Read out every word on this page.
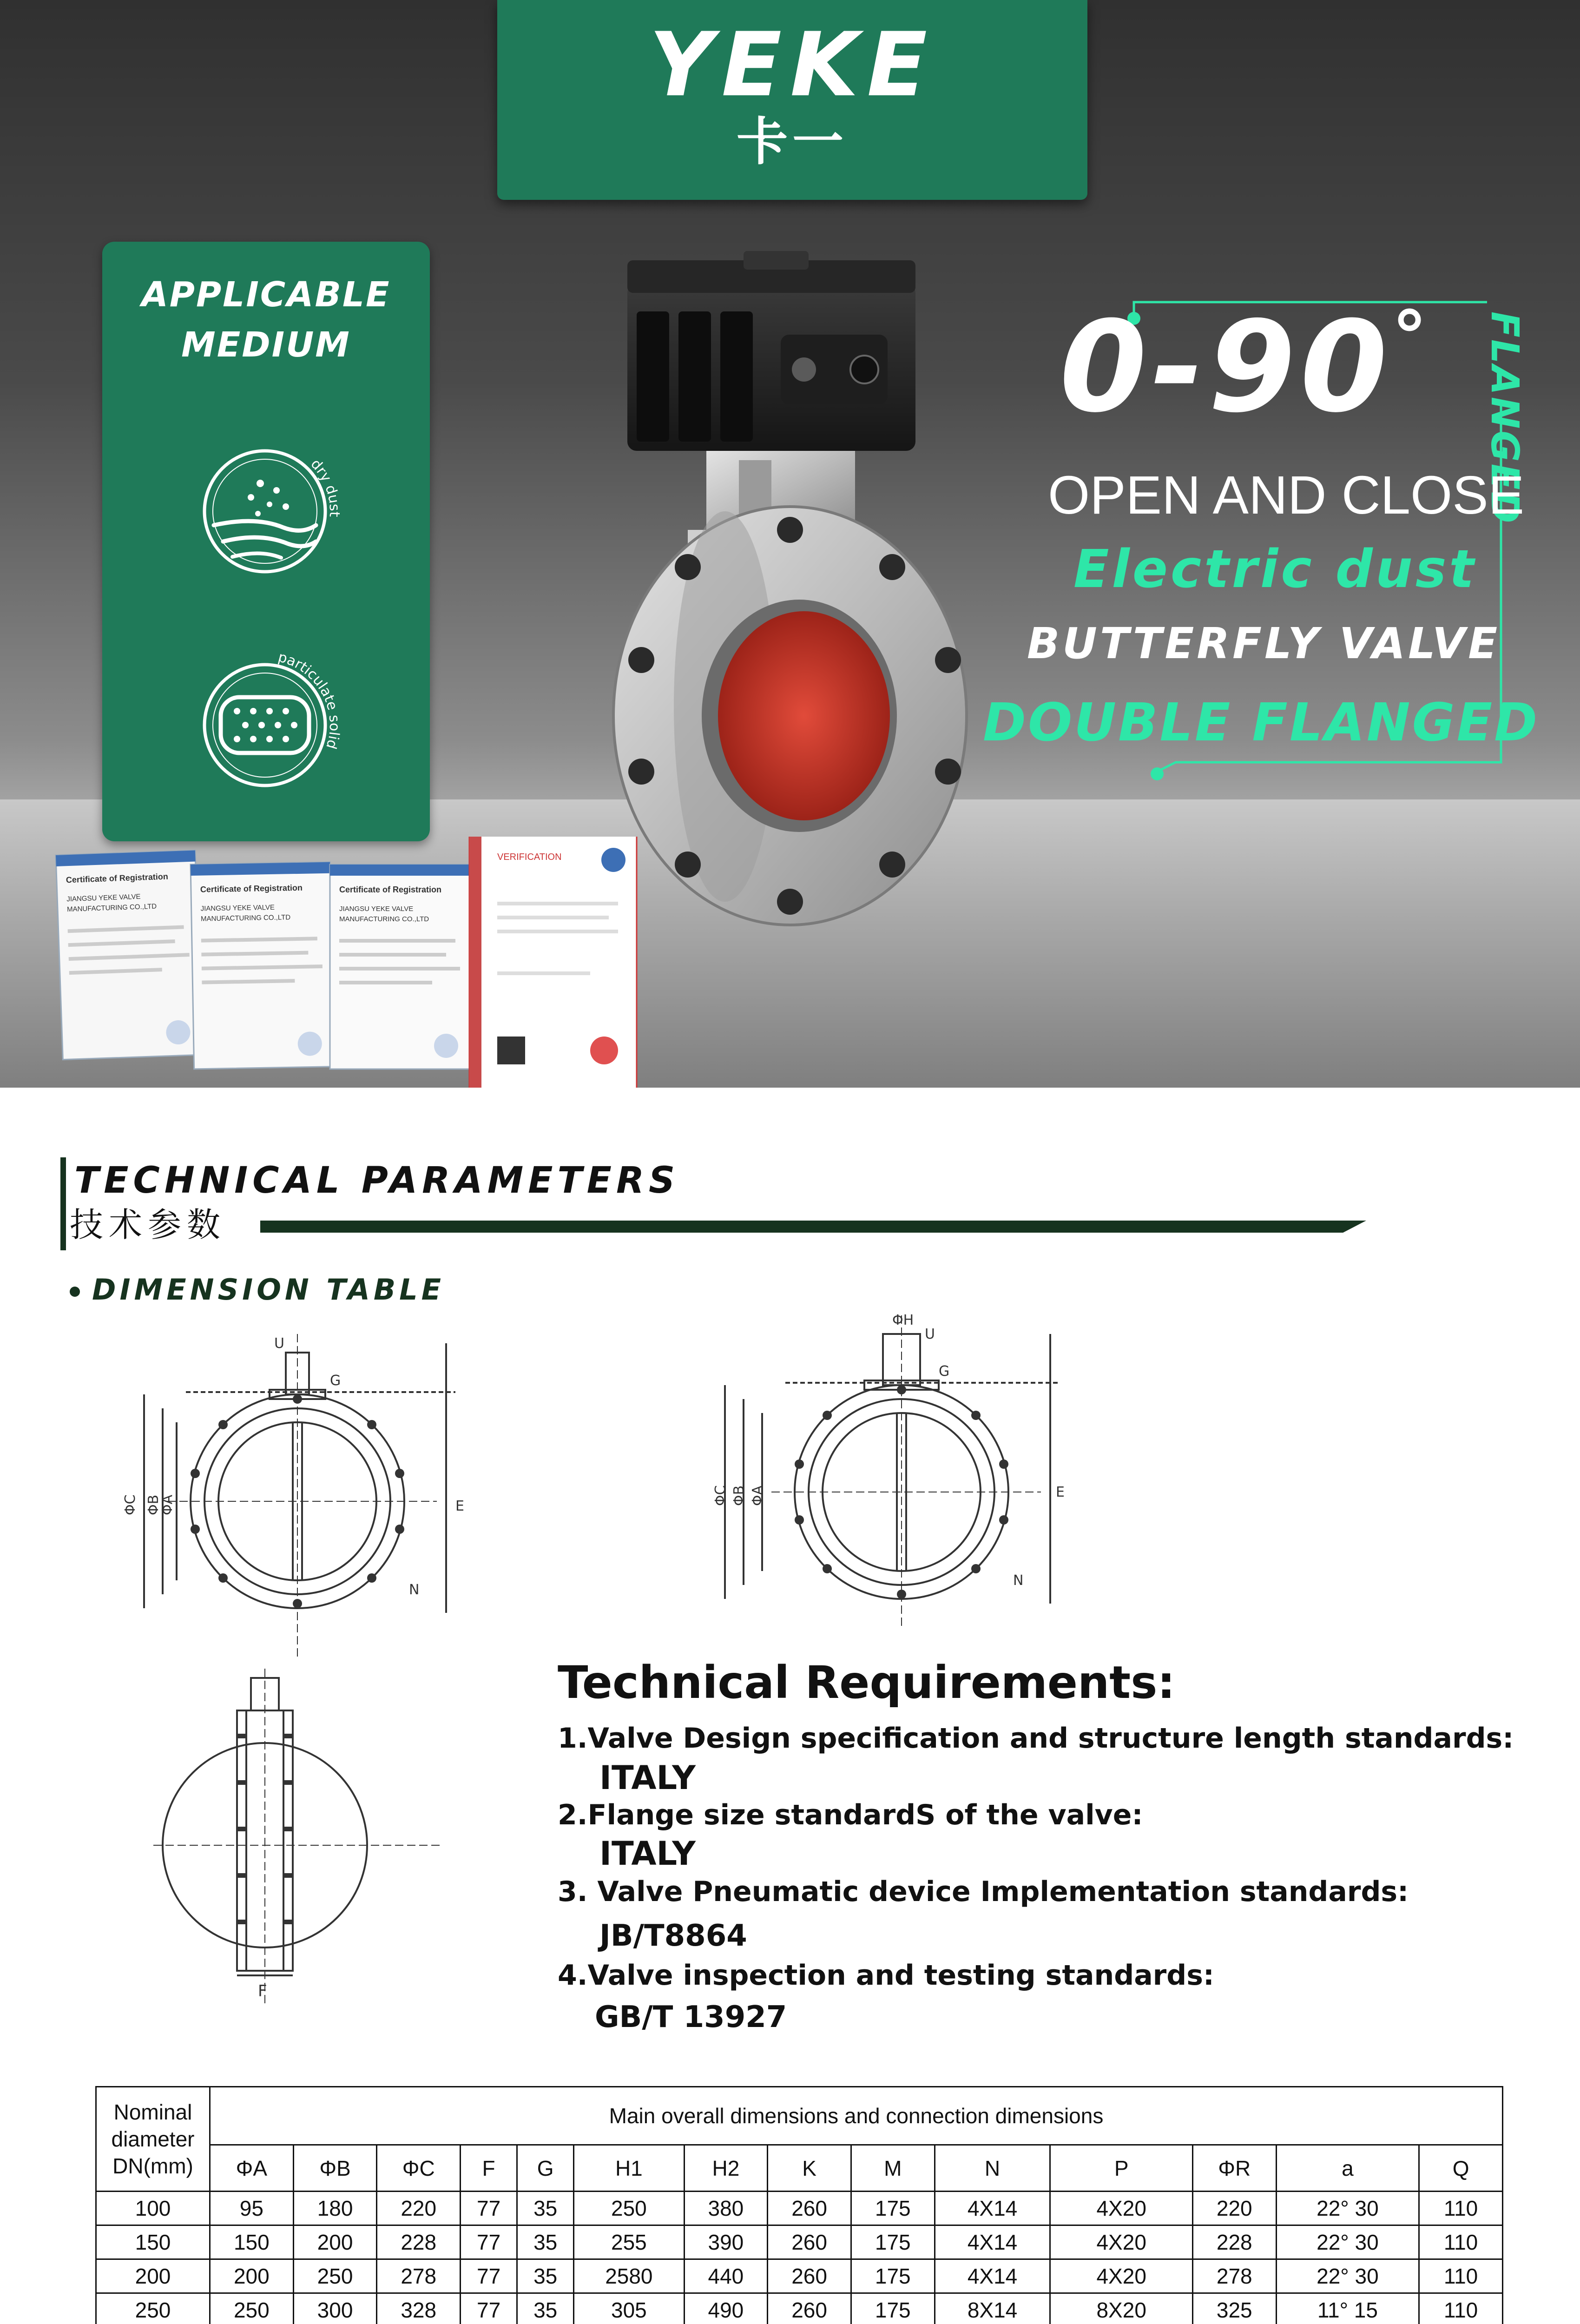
YEKE
卡一
APPLICABLE
MEDIUM
dry dust
particulate solids
0-90° FLANGED
OPEN AND CLOSE
Electric dust
BUTTERFLY VALVE
DOUBLE FLANGED
Certificate of Registration
JIANGSU YEKE VALVE
MANUFACTURING CO.,LTD
Certificate of Registration
JIANGSU YEKE VALVE
MANUFACTURING CO.,LTD
Certificate of Registration
JIANGSU YEKE VALVE
MANUFACTURING CO.,LTD
VERIFICATION
TECHNICAL PARAMETERS
技术参数
DIMENSION TABLE
ΦC ΦB
ΦA	E
U
G
N
ΦH
U
G
ΦC ΦB ΦA	E
N
F
Technical Requirements:
1.Valve Design specification and structure length standards:
ITALY
2.Flange size standardS of the valve:
ITALY
3. Valve Pneumatic device Implementation standards:
JB/T8864
4.Valve inspection and testing standards:
GB/T 13927
Nominal
diameter
DN(mm)	Main overall dimensions and connection dimensions													
	ΦA	ΦB	ΦC	F	G	H1	H2	K	M	N	P	ΦR	a	Q
100	95	180	220	77	35	250	380	260	175	4X14	4X20	220	22° 30	110
150	150	200	228	77	35	255	390	260	175	4X14	4X20	228	22° 30	110
200	200	250	278	77	35	2580	440	260	175	4X14	4X20	278	22° 30	110
250	250	300	328	77	35	305	490	260	175	8X14	8X20	325	11° 15	110
